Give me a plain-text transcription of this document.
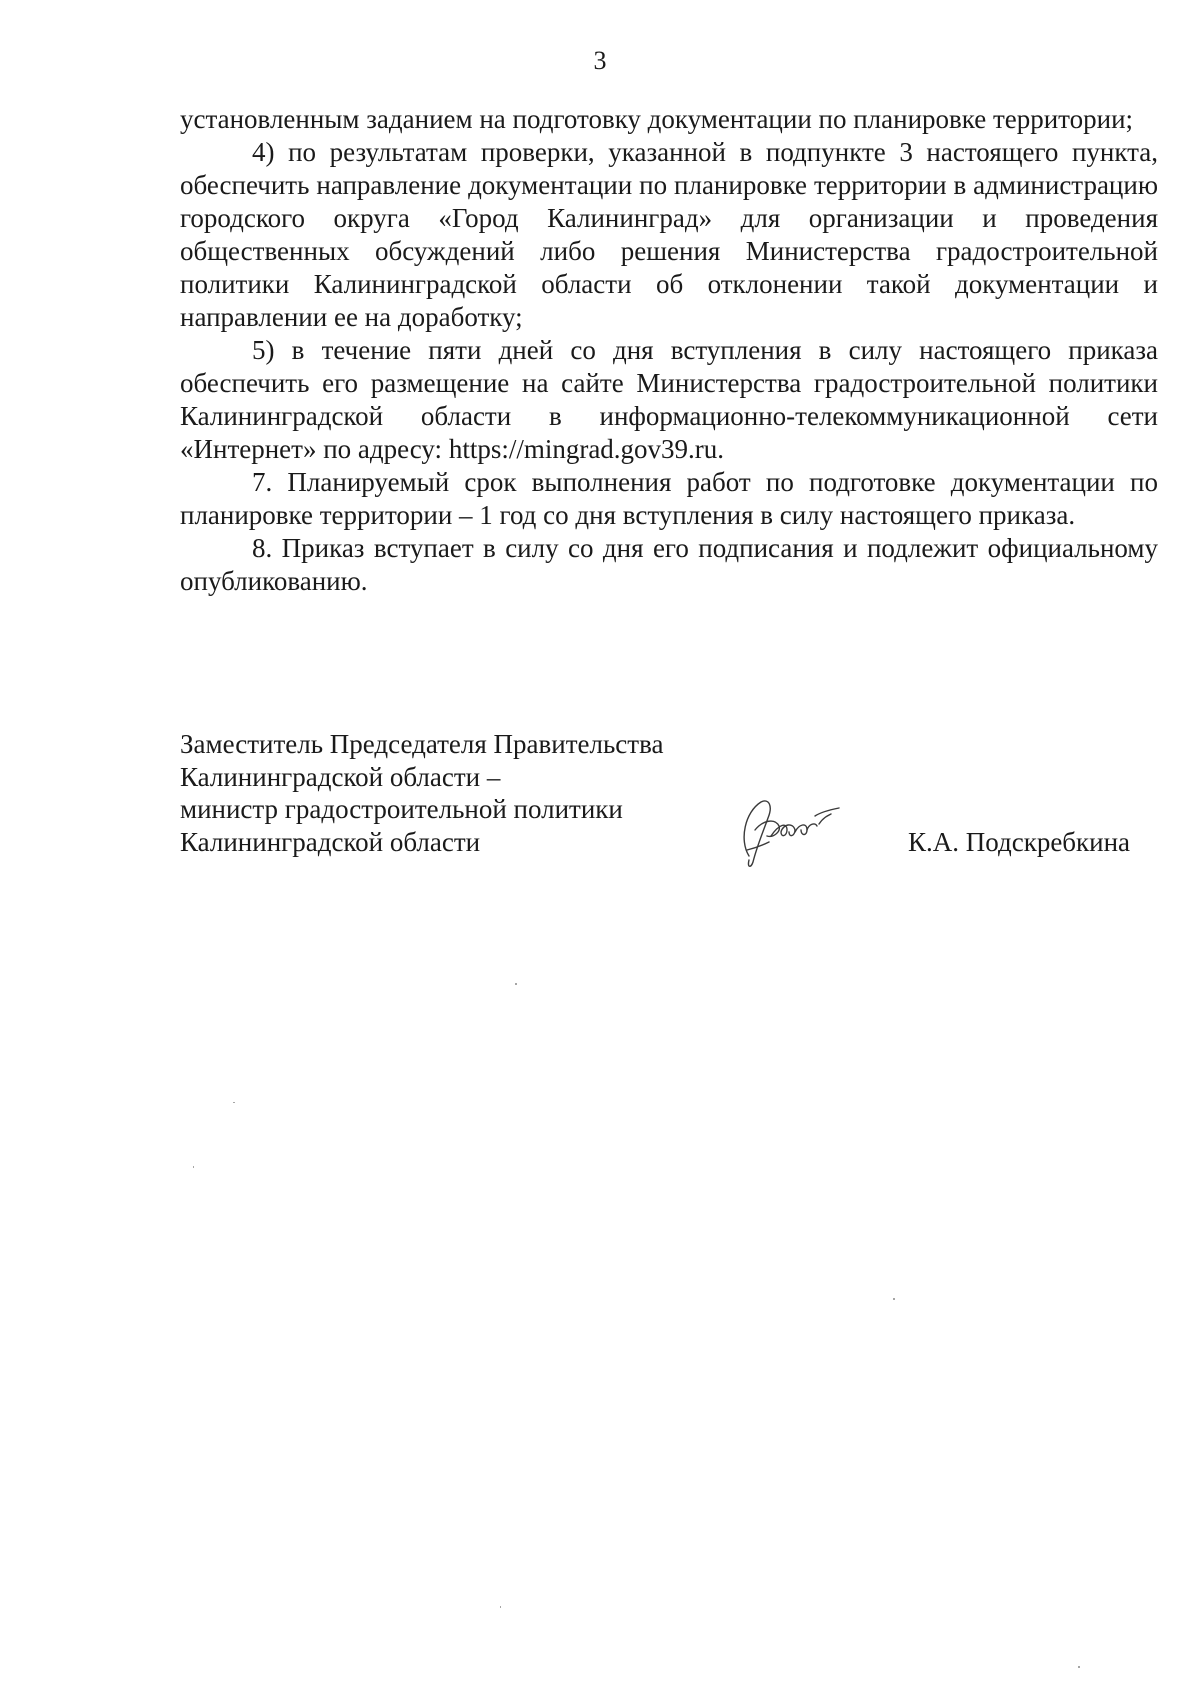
3

установленным заданием на подготовку документации по планировке территории;

4) по результатам проверки, указанной в подпункте 3 настоящего пункта, обеспечить направление документации по планировке территории в администрацию городского округа «Город Калининград» для организации и проведения общественных обсуждений либо решения Министерства градостроительной политики Калининградской области об отклонении такой документации и направлении ее на доработку;

5) в течение пяти дней со дня вступления в силу настоящего приказа обеспечить его размещение на сайте Министерства градостроительной политики Калининградской области в информационно-телекоммуникационной сети «Интернет» по адресу: https://mingrad.gov39.ru.

7. Планируемый срок выполнения работ по подготовке документации по планировке территории – 1 год со дня вступления в силу настоящего приказа.

8. Приказ вступает в силу со дня его подписания и подлежит официальному опубликованию.

Заместитель Председателя Правительства
Калининградской области –
министр градостроительной политики
Калининградской области	К.А. Подскребкина
